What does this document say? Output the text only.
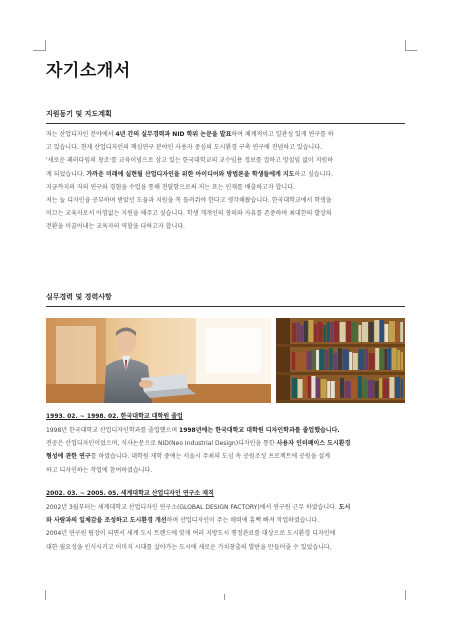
자기소개서
지원동기 및 지도계획

저는 산업디자인 분야에서 4년 간의 실무경력과 NID 학위 논문을 발표하여 체계적이고 일관성 있게 연구를 하
고 있습니다. 현재 산업디자인의 핵심연구 분야인 사용자 중심의 도시환경 구축 연구에 전념하고 있습니다.
'새로운 패러다임의 창조'를 교육이념으로 삼고 있는 한국대학교의 교수임용 정보를 접하고 망설임 없이 지원하
게 되었습니다. 가까운 미래에 실현될 산업디자인을 위한 아이디어와 방법론을 학생들에게 지도하고 싶습니다.
지금까지의 저의 연구와 경험을 수업을 통해 전달함으로써 저는 또는 인재를 배출하고자 합니다.
저는 늘 디자인을 공부하며 받았던 도움과 지원을 꼭 돌려줘야 한다고 생각해왔습니다. 한국대학교에서 학생을
이끄는 교육자로서 아낌없는 지원을 해주고 싶습니다. 학생 개개인의 창의와 자유를 존중하며 최대한의 발상의
전환을 이끌어내는 교육자의 역할을 다하고자 합니다.

실무경력 및 경력사항
1993. 02. ~ 1998. 02. 한국대학교 대학원 졸업

1998년 한국대학교 산업디자인학과를 졸업했으며 1998년에는 한국대학교 대학원 디자인학과를 졸업했습니다.
전공은 산업디자인이었으며, 석사논문으로 NID(Neo Industrial Design)디자인을 통한 사용자 인터페이스 도시환경
형성에 관한 연구를 하였습니다. 대학원 재학 중에는 서울시 주최의 도심 속 공원조성 프로젝트에 공원을 설계
하고 디자인하는 작업에 참여하였습니다.

2002. 03. ~ 2005. 05. 세계대학교 산업디자인 연구소 재직

2002년 3월부터는 세계대학교 산업디자인 연구소(GLOBAL DESIGN FACTORY)에서 연구원 근무 하였습니다. 도시
와 사람과의 일체감을 조성하고 도시환경 개선하며 산업디자인이 주는 매력에 흠뻑 빠져 작업하였습니다.
2004년 연구원 팀장이 되면서 세계 도시 트렌드에 맞게 여러 지방도시 행정관료를 대상으로 도시환경 디자인에
대한 필요성을 인식시키고 이미지 시대를 살아가는 도시에 새로운 가치창출의 발판을 만들어줄 수 있었습니다.
